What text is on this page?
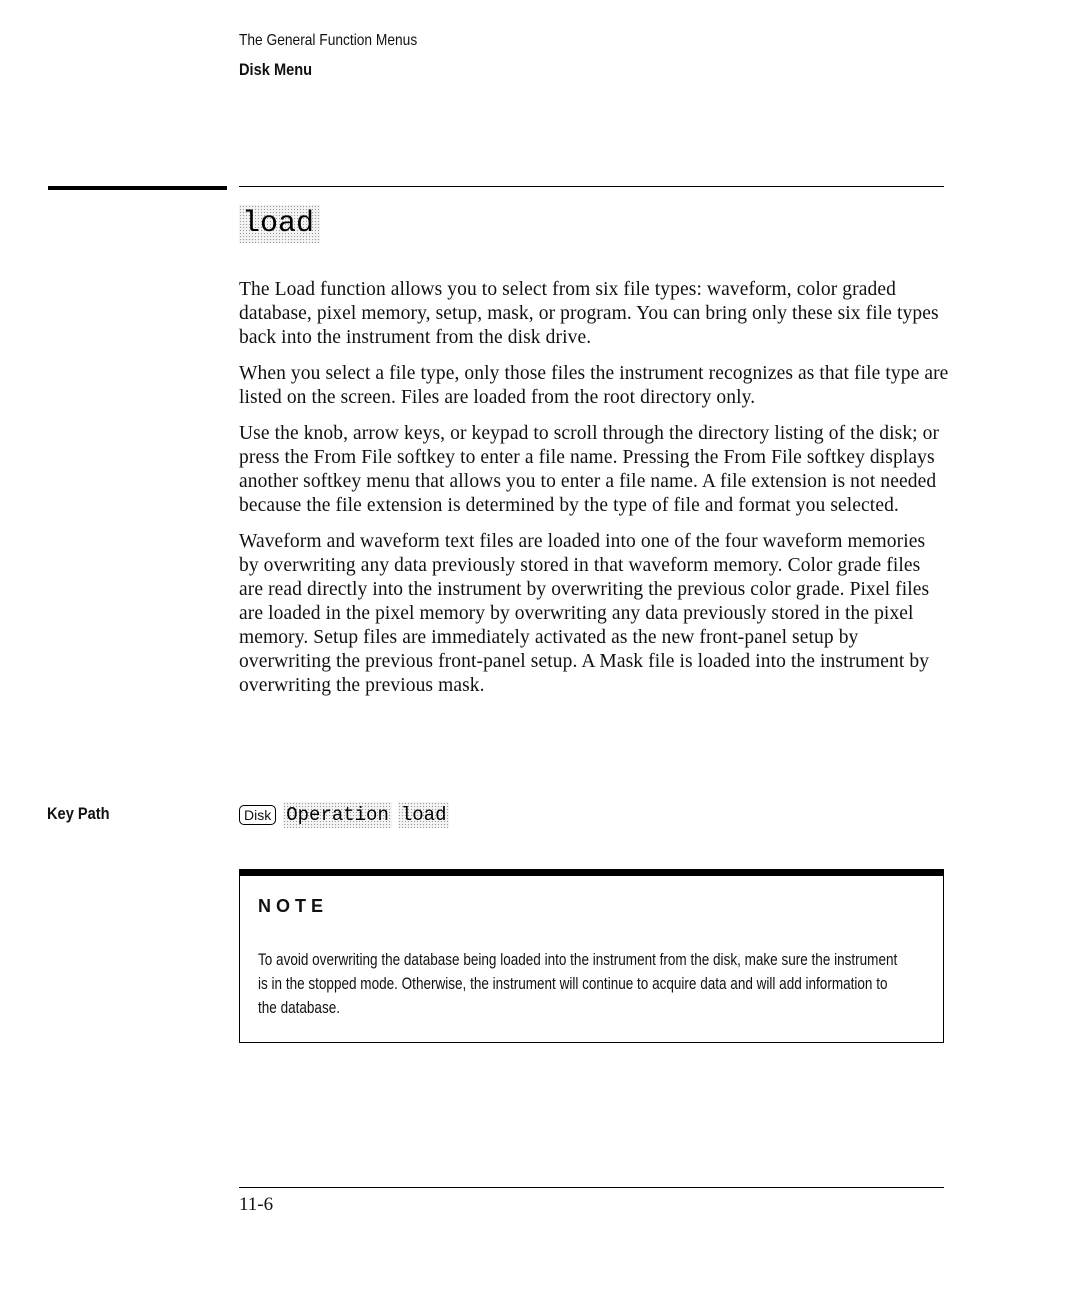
The General Function Menus
Disk Menu
load

The Load function allows you to select from six file types: waveform, color graded database, pixel memory, setup, mask, or program. You can bring only these six file types back into the instrument from the disk drive.

When you select a file type, only those files the instrument recognizes as that file type are listed on the screen. Files are loaded from the root directory only.

Use the knob, arrow keys, or keypad to scroll through the directory listing of the disk; or press the From File softkey to enter a file name. Pressing the From File softkey displays another softkey menu that allows you to enter a file name. A file extension is not needed because the file extension is determined by the type of file and format you selected.

Waveform and waveform text files are loaded into one of the four waveform memories by overwriting any data previously stored in that waveform memory. Color grade files are read directly into the instrument by overwriting the previous color grade. Pixel files are loaded in the pixel memory by overwriting any data previously stored in the pixel memory. Setup files are immediately activated as the new front-panel setup by overwriting the previous front-panel setup. A Mask file is loaded into the instrument by overwriting the previous mask.

Key Path	Disk Operation load
NOTE
To avoid overwriting the database being loaded into the instrument from the disk, make sure the instrument is in the stopped mode. Otherwise, the instrument will continue to acquire data and will add information to the database.
11-6
